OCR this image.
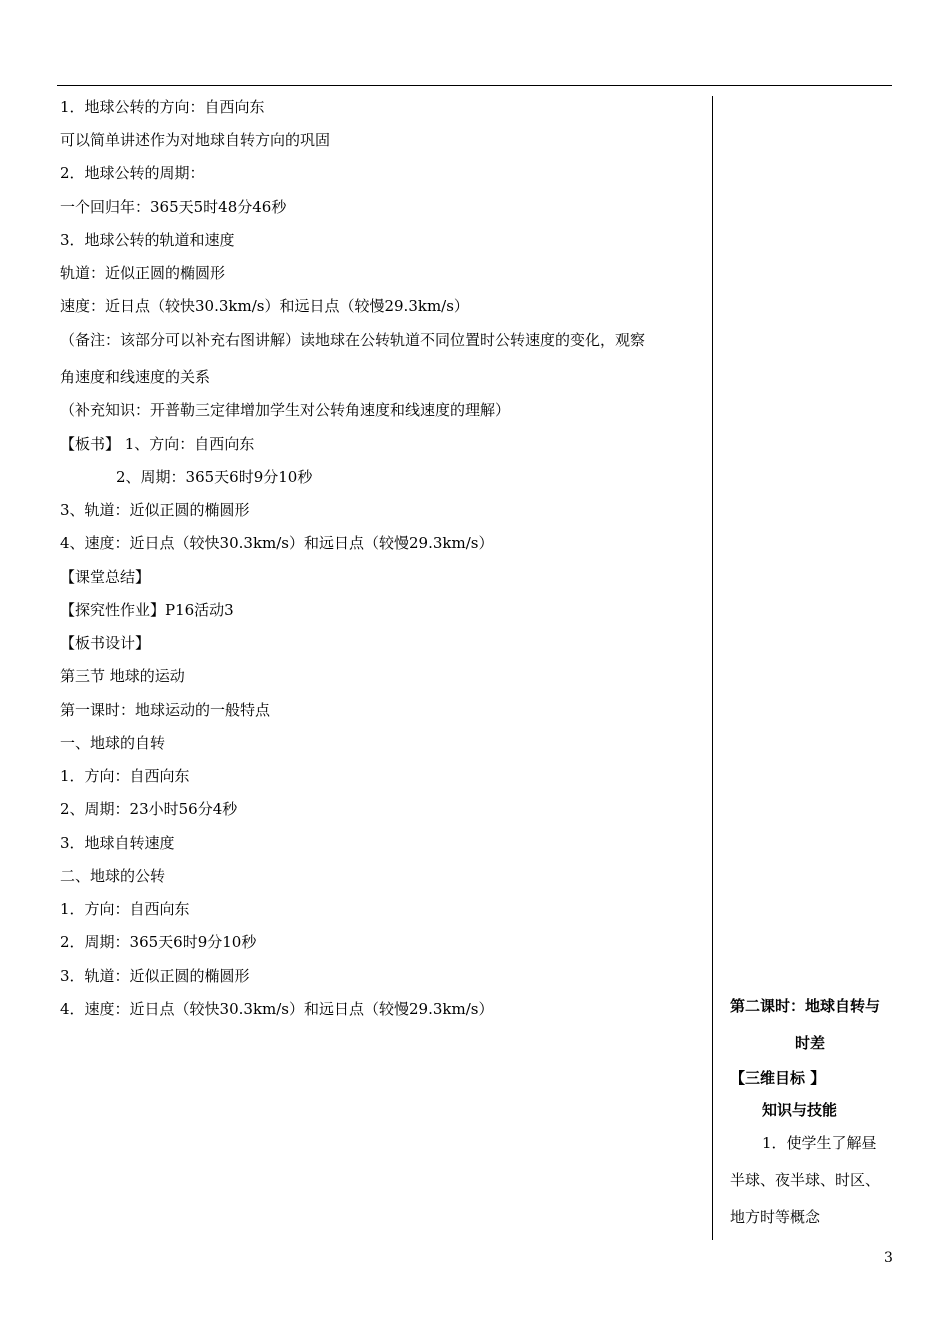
1．地球公转的方向：自西向东
可以简单讲述作为对地球自转方向的巩固
2．地球公转的周期：
一个回归年：365天5时48分46秒
3．地球公转的轨道和速度
轨道：近似正圆的椭圆形
速度：近日点（较快30.3km/s）和远日点（较慢29.3km/s）
（备注：该部分可以补充右图讲解）读地球在公转轨道不同位置时公转速度的变化，观察
角速度和线速度的关系
（补充知识：开普勒三定律增加学生对公转角速度和线速度的理解）
【板书】 1、方向：自西向东
2、周期：365天6时9分10秒
3、轨道：近似正圆的椭圆形
4、速度：近日点（较快30.3km/s）和远日点（较慢29.3km/s）
【课堂总结】
【探究性作业】P16活动3
【板书设计】
第三节 地球的运动
第一课时：地球运动的一般特点
一、地球的自转
1．方向：自西向东
2、周期：23小时56分4秒
3．地球自转速度
二、地球的公转
1．方向：自西向东
2．周期：365天6时9分10秒
3．轨道：近似正圆的椭圆形
4．速度：近日点（较快30.3km/s）和远日点（较慢29.3km/s）	第二课时：地球自转与
时差
【三维目标 】
知识与技能
1．使学生了解昼
半球、夜半球、时区、
地方时等概念
3
